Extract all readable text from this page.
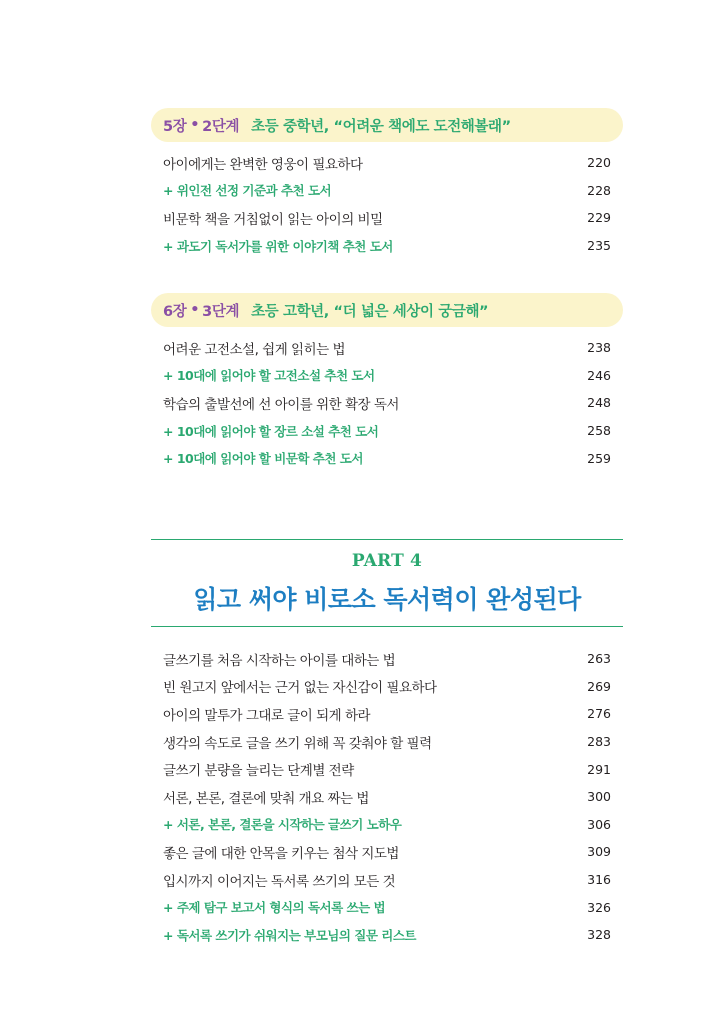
5장 • 2단계 초등 중학년, “어려운 책에도 도전해볼래”
아이에게는 완벽한 영웅이 필요하다	220
+ 위인전 선정 기준과 추천 도서	228
비문학 책을 거침없이 읽는 아이의 비밀	229
+ 과도기 독서가를 위한 이야기책 추천 도서	235
6장 • 3단계 초등 고학년, “더 넓은 세상이 궁금해”
어려운 고전소설, 쉽게 읽히는 법	238
+ 10대에 읽어야 할 고전소설 추천 도서	246
학습의 출발선에 선 아이를 위한 확장 독서	248
+ 10대에 읽어야 할 장르 소설 추천 도서	258
+ 10대에 읽어야 할 비문학 추천 도서	259
PART 4
읽고 써야 비로소 독서력이 완성된다
글쓰기를 처음 시작하는 아이를 대하는 법	263
빈 원고지 앞에서는 근거 없는 자신감이 필요하다	269
아이의 말투가 그대로 글이 되게 하라	276
생각의 속도로 글을 쓰기 위해 꼭 갖춰야 할 필력	283
글쓰기 분량을 늘리는 단계별 전략	291
서론, 본론, 결론에 맞춰 개요 짜는 법	300
+ 서론, 본론, 결론을 시작하는 글쓰기 노하우	306
좋은 글에 대한 안목을 키우는 첨삭 지도법	309
입시까지 이어지는 독서록 쓰기의 모든 것	316
+ 주제 탐구 보고서 형식의 독서록 쓰는 법	326
+ 독서록 쓰기가 쉬워지는 부모님의 질문 리스트	328
